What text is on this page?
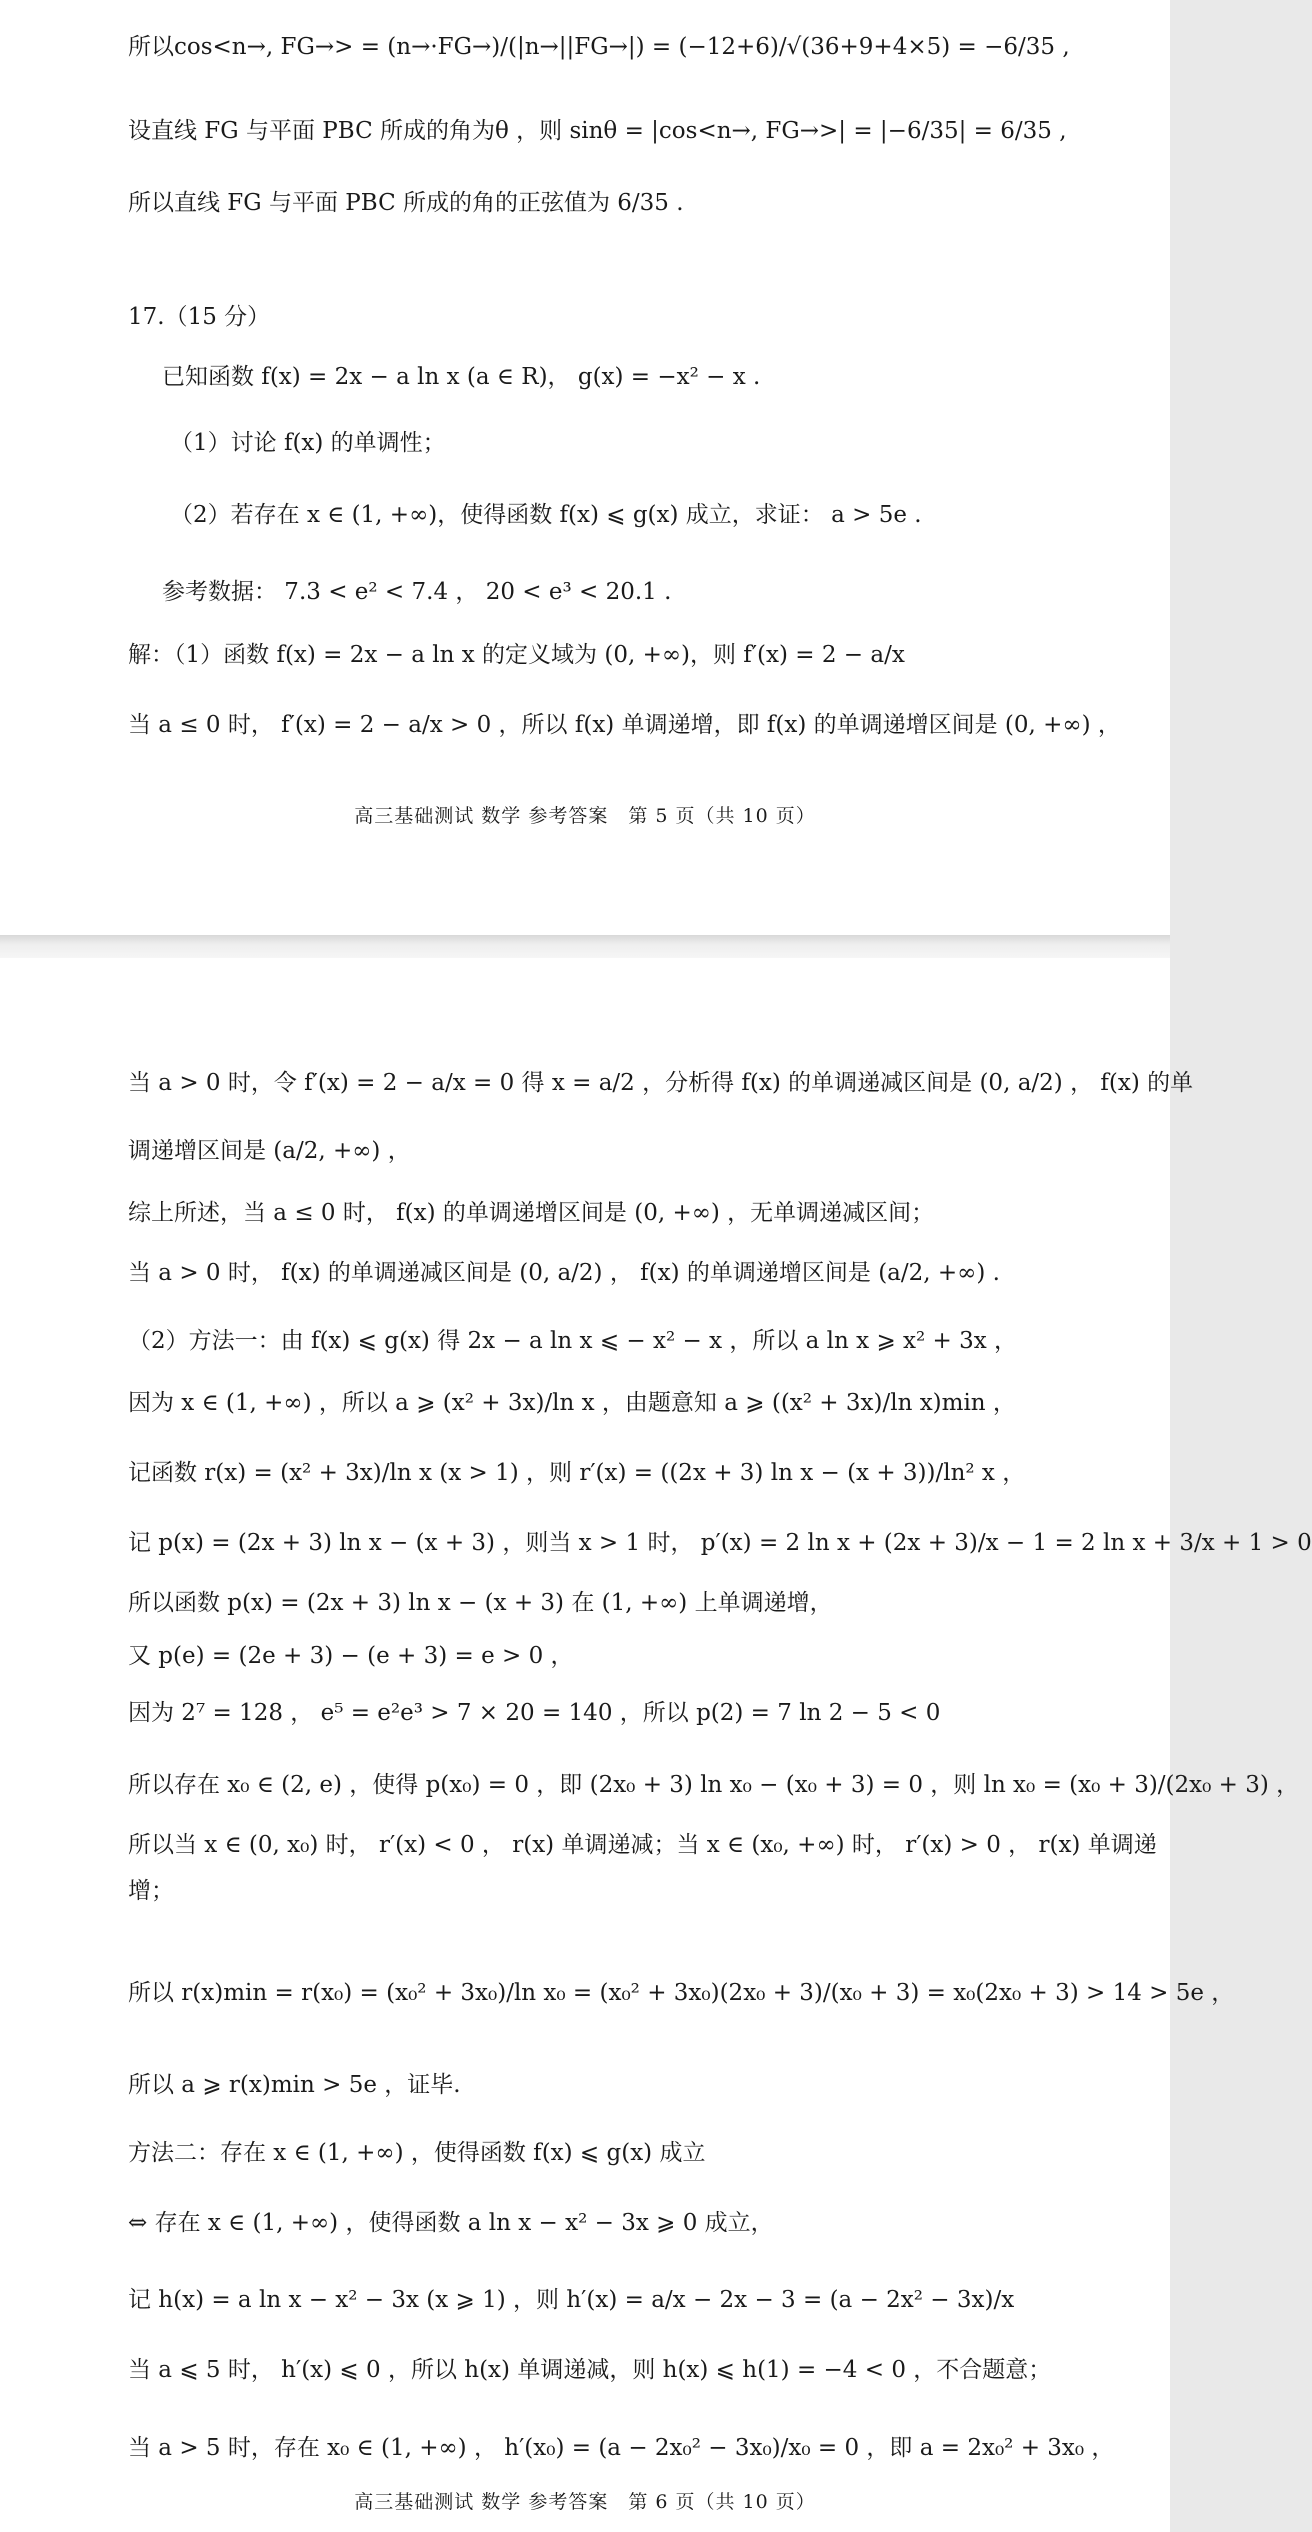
所以cos<n→, FG→> = (n→·FG→)/(|n→||FG→|) = (−12+6)/√(36+9+4×5) = −6/35 ,
设直线 FG 与平面 PBC 所成的角为θ ，则 sinθ = |cos<n→, FG→>| = |−6/35| = 6/35 ,
所以直线 FG 与平面 PBC 所成的角的正弦值为 6/35 .
17.（15 分）
已知函数 f(x) = 2x − a ln x (a ∈ R)， g(x) = −x² − x .
（1）讨论 f(x) 的单调性；
（2）若存在 x ∈ (1, +∞)，使得函数 f(x) ⩽ g(x) 成立，求证： a > 5e .
参考数据： 7.3 < e² < 7.4 ， 20 < e³ < 20.1 .
解：（1）函数 f(x) = 2x − a ln x 的定义域为 (0, +∞)，则 f′(x) = 2 − a/x
当 a ≤ 0 时， f′(x) = 2 − a/x > 0 ，所以 f(x) 单调递增，即 f(x) 的单调递增区间是 (0, +∞) ，
高三基础测试 数学 参考答案　第 5 页（共 10 页）
当 a > 0 时，令 f′(x) = 2 − a/x = 0 得 x = a/2 ，分析得 f(x) 的单调递减区间是 (0, a/2) ， f(x) 的单
调递增区间是 (a/2, +∞) ，
综上所述，当 a ≤ 0 时， f(x) 的单调递增区间是 (0, +∞) ，无单调递减区间；
当 a > 0 时， f(x) 的单调递减区间是 (0, a/2) ， f(x) 的单调递增区间是 (a/2, +∞) .
（2）方法一：由 f(x) ⩽ g(x) 得 2x − a ln x ⩽ − x² − x ，所以 a ln x ⩾ x² + 3x ，
因为 x ∈ (1, +∞) ，所以 a ⩾ (x² + 3x)/ln x ，由题意知 a ⩾ ((x² + 3x)/ln x)min ，
记函数 r(x) = (x² + 3x)/ln x (x > 1) ，则 r′(x) = ((2x + 3) ln x − (x + 3))/ln² x ，
记 p(x) = (2x + 3) ln x − (x + 3) ，则当 x > 1 时， p′(x) = 2 ln x + (2x + 3)/x − 1 = 2 ln x + 3/x + 1 > 0
所以函数 p(x) = (2x + 3) ln x − (x + 3) 在 (1, +∞) 上单调递增，
又 p(e) = (2e + 3) − (e + 3) = e > 0 ，
因为 2⁷ = 128 ， e⁵ = e²e³ > 7 × 20 = 140 ，所以 p(2) = 7 ln 2 − 5 < 0
所以存在 x₀ ∈ (2, e) ，使得 p(x₀) = 0 ，即 (2x₀ + 3) ln x₀ − (x₀ + 3) = 0 ，则 ln x₀ = (x₀ + 3)/(2x₀ + 3) ，
所以当 x ∈ (0, x₀) 时， r′(x) < 0 ， r(x) 单调递减；当 x ∈ (x₀, +∞) 时， r′(x) > 0 ， r(x) 单调递
增；
所以 r(x)min = r(x₀) = (x₀² + 3x₀)/ln x₀ = (x₀² + 3x₀)(2x₀ + 3)/(x₀ + 3) = x₀(2x₀ + 3) > 14 > 5e ，
所以 a ⩾ r(x)min > 5e ，证毕.
方法二：存在 x ∈ (1, +∞) ，使得函数 f(x) ⩽ g(x) 成立
⇔ 存在 x ∈ (1, +∞) ，使得函数 a ln x − x² − 3x ⩾ 0 成立，
记 h(x) = a ln x − x² − 3x (x ⩾ 1) ，则 h′(x) = a/x − 2x − 3 = (a − 2x² − 3x)/x
当 a ⩽ 5 时， h′(x) ⩽ 0 ，所以 h(x) 单调递减，则 h(x) ⩽ h(1) = −4 < 0 ，不合题意；
当 a > 5 时，存在 x₀ ∈ (1, +∞) ， h′(x₀) = (a − 2x₀² − 3x₀)/x₀ = 0 ，即 a = 2x₀² + 3x₀ ，
高三基础测试 数学 参考答案　第 6 页（共 10 页）
